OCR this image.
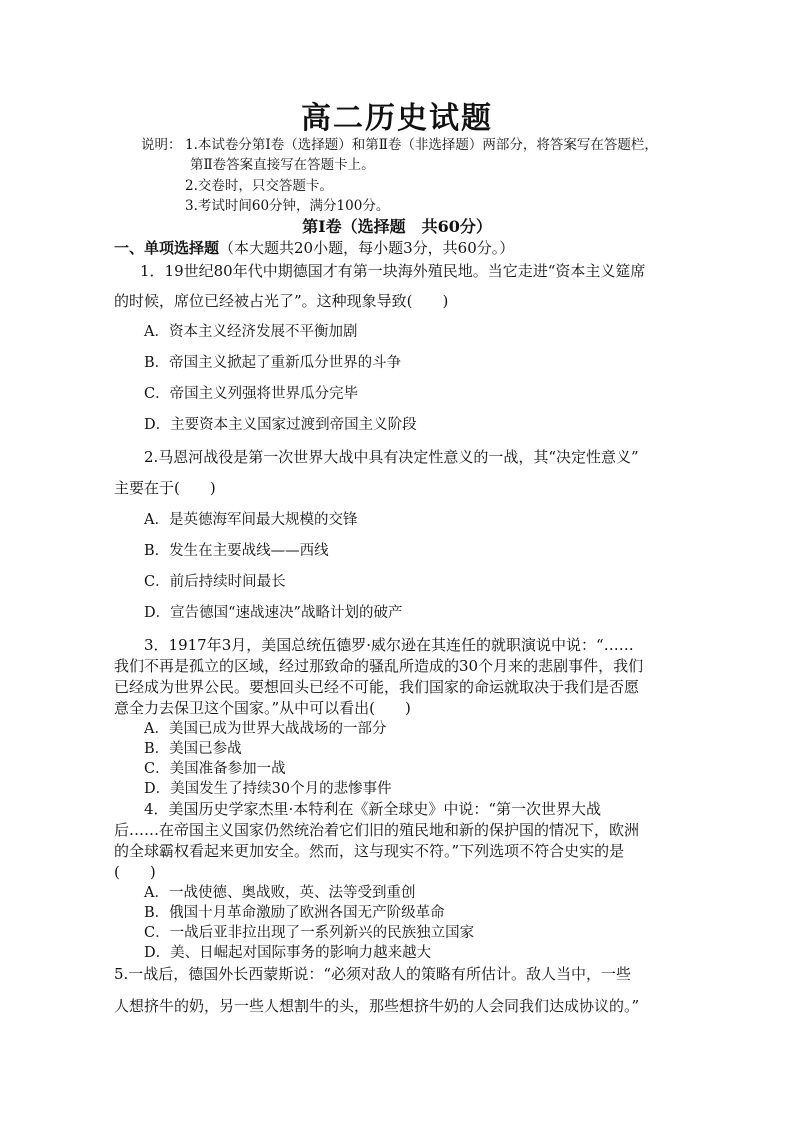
高二历史试题
说明： 1.本试卷分第Ⅰ卷（选择题）和第Ⅱ卷（非选择题）两部分，将答案写在答题栏，
第Ⅱ卷答案直接写在答题卡上。
2.交卷时，只交答题卡。
3.考试时间60分钟，满分100分。
第Ⅰ卷（选择题　共60分）
一、单项选择题（本大题共20小题，每小题3分，共60分。）
1．19世纪80年代中期德国才有第一块海外殖民地。当它走进“资本主义筵席
的时候，席位已经被占光了”。这种现象导致(　　)
A．资本主义经济发展不平衡加剧
B．帝国主义掀起了重新瓜分世界的斗争
C．帝国主义列强将世界瓜分完毕
D．主要资本主义国家过渡到帝国主义阶段
2.马恩河战役是第一次世界大战中具有决定性意义的一战，其“决定性意义”
主要在于(　　)
A．是英德海军间最大规模的交锋
B．发生在主要战线——西线
C．前后持续时间最长
D．宣告德国“速战速决”战略计划的破产
3．1917年3月，美国总统伍德罗·威尔逊在其连任的就职演说中说：“……
我们不再是孤立的区域，经过那致命的骚乱所造成的30个月来的悲剧事件，我们
已经成为世界公民。要想回头已经不可能，我们国家的命运就取决于我们是否愿
意全力去保卫这个国家。”从中可以看出(　　)
A．美国已成为世界大战战场的一部分
B．美国已参战
C．美国准备参加一战
D．美国发生了持续30个月的悲惨事件
4．美国历史学家杰里·本特利在《新全球史》中说：“第一次世界大战
后……在帝国主义国家仍然统治着它们旧的殖民地和新的保护国的情况下，欧洲
的全球霸权看起来更加安全。然而，这与现实不符。”下列选项不符合史实的是
(　　)
A．一战使德、奥战败，英、法等受到重创
B．俄国十月革命激励了欧洲各国无产阶级革命
C．一战后亚非拉出现了一系列新兴的民族独立国家
D．美、日崛起对国际事务的影响力越来越大
5.一战后，德国外长西蒙斯说：“必须对敌人的策略有所估计。敌人当中，一些
人想挤牛的奶，另一些人想割牛的头，那些想挤牛奶的人会同我们达成协议的。”
